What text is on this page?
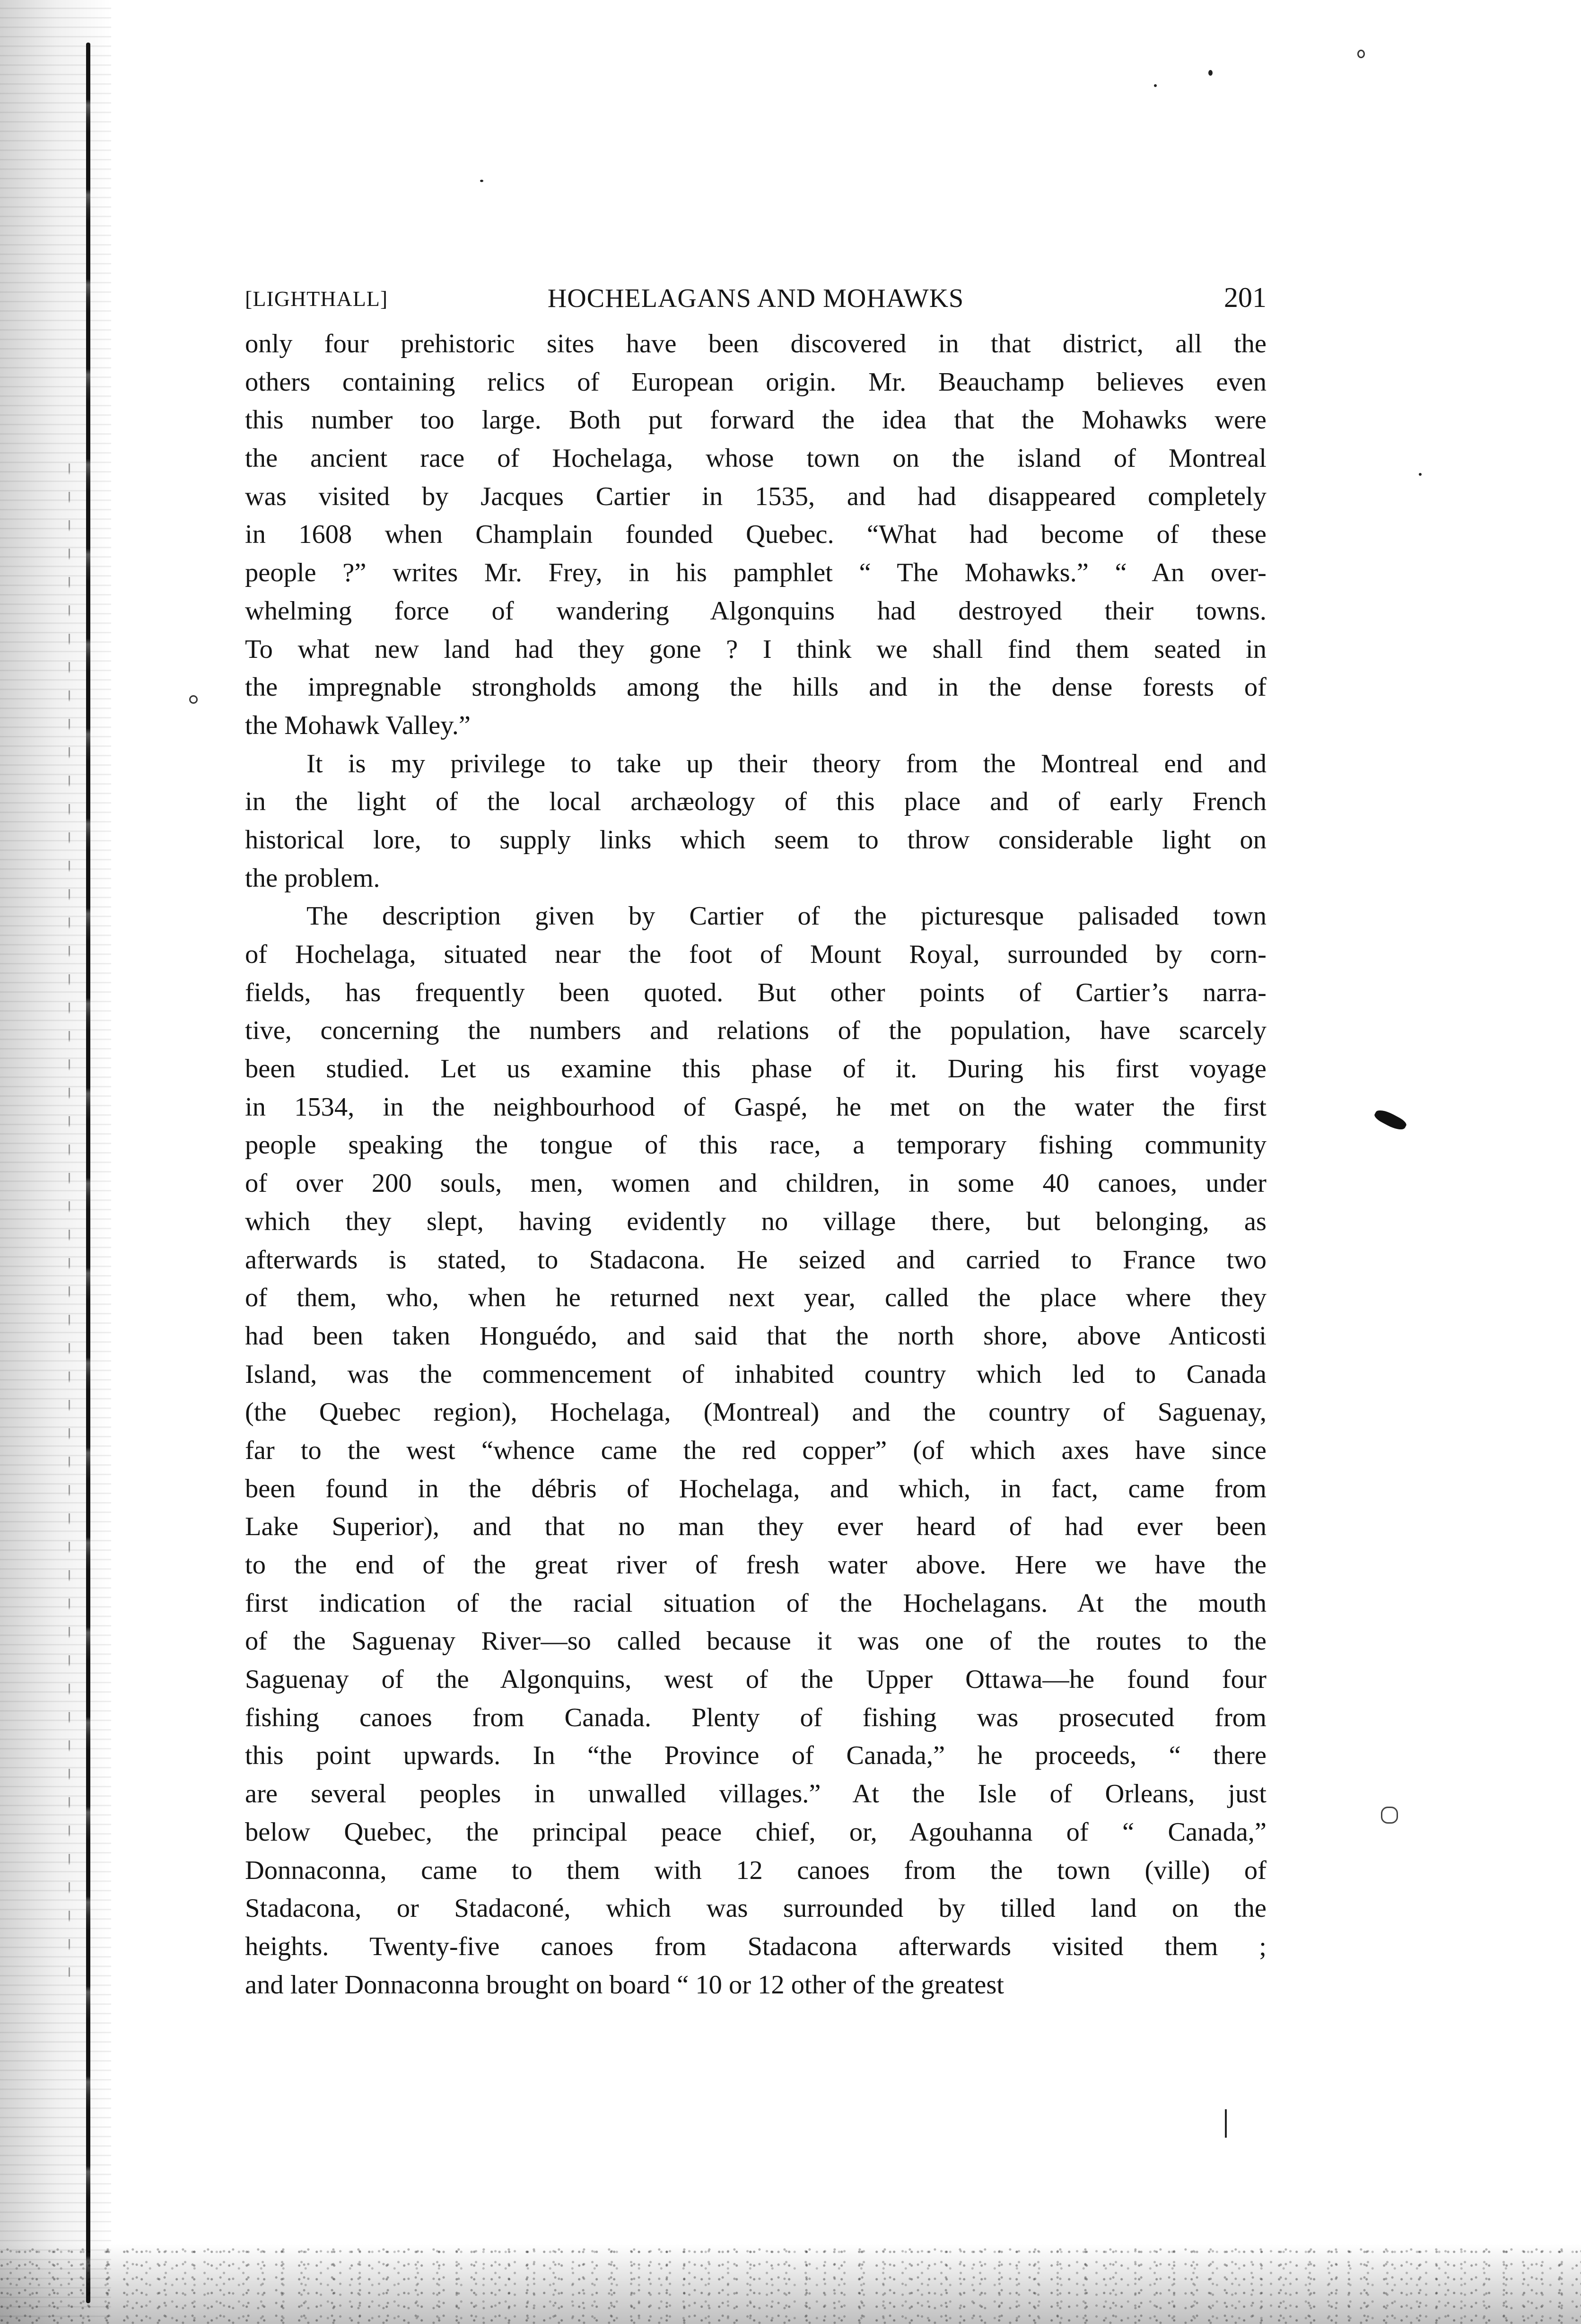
[LIGHTHALL]	HOCHELAGANS AND MOHAWKS	201
only four prehistoric sites have been discovered in that district, all the
others containing relics of European origin. Mr. Beauchamp believes even
this number too large. Both put forward the idea that the Mohawks were
the ancient race of Hochelaga, whose town on the island of Montreal
was visited by Jacques Cartier in 1535, and had disappeared completely
in 1608 when Champlain founded Quebec. “What had become of these
people ?” writes Mr. Frey, in his pamphlet “ The Mohawks.” “ An over-
whelming force of wandering Algonquins had destroyed their towns.
To what new land had they gone ? I think we shall find them seated in
the impregnable strongholds among the hills and in the dense forests of
the Mohawk Valley.”
It is my privilege to take up their theory from the Montreal end and
in the light of the local archæology of this place and of early French
historical lore, to supply links which seem to throw considerable light on
the problem.
The description given by Cartier of the picturesque palisaded town
of Hochelaga, situated near the foot of Mount Royal, surrounded by corn-
fields, has frequently been quoted. But other points of Cartier’s narra-
tive, concerning the numbers and relations of the population, have scarcely
been studied. Let us examine this phase of it. During his first voyage
in 1534, in the neighbourhood of Gaspé, he met on the water the first
people speaking the tongue of this race, a temporary fishing community
of over 200 souls, men, women and children, in some 40 canoes, under
which they slept, having evidently no village there, but belonging, as
afterwards is stated, to Stadacona. He seized and carried to France two
of them, who, when he returned next year, called the place where they
had been taken Honguédo, and said that the north shore, above Anticosti
Island, was the commencement of inhabited country which led to Canada
(the Quebec region), Hochelaga, (Montreal) and the country of Saguenay,
far to the west “whence came the red copper” (of which axes have since
been found in the débris of Hochelaga, and which, in fact, came from
Lake Superior), and that no man they ever heard of had ever been
to the end of the great river of fresh water above. Here we have the
first indication of the racial situation of the Hochelagans. At the mouth
of the Saguenay River—so called because it was one of the routes to the
Saguenay of the Algonquins, west of the Upper Ottawa—he found four
fishing canoes from Canada. Plenty of fishing was prosecuted from
this point upwards. In “the Province of Canada,” he proceeds, “ there
are several peoples in unwalled villages.” At the Isle of Orleans, just
below Quebec, the principal peace chief, or, Agouhanna of “ Canada,”
Donnaconna, came to them with 12 canoes from the town (ville) of
Stadacona, or Stadaconé, which was surrounded by tilled land on the
heights. Twenty-five canoes from Stadacona afterwards visited them ;
and later Donnaconna brought on board “ 10 or 12 other of the greatest
